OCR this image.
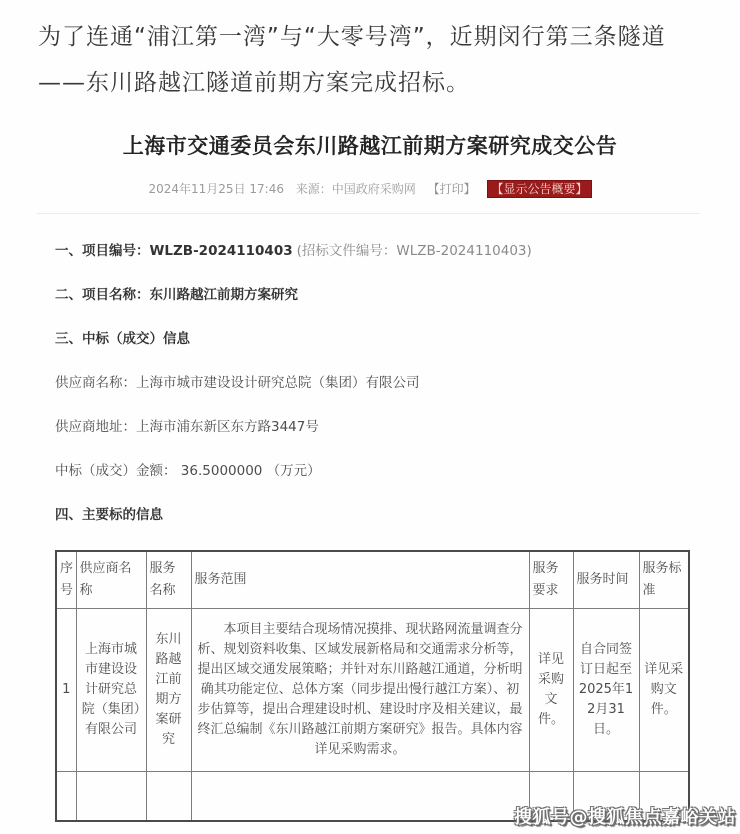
为了连通“浦江第一湾”与“大零号湾”，近期闵行第三条隧道——东川路越江隧道前期方案完成招标。

上海市交通委员会东川路越江前期方案研究成交公告
2024年11月25日 17:46 来源：中国政府采购网 【打印】 【显示公告概要】
一、项目编号：WLZB-2024110403 (招标文件编号：WLZB-2024110403)
二、项目名称：东川路越江前期方案研究
三、中标（成交）信息
供应商名称：上海市城市建设设计研究总院（集团）有限公司
供应商地址：上海市浦东新区东方路3447号
中标（成交）金额： 36.5000000 （万元）
四、主要标的信息
序号	供应商名称	服务名称	服务范围	服务要求	服务时间	服务标准
1	上海市城市建设设计研究总院（集团）有限公司	东川路越江前期方案研究	本项目主要结合现场情况摸排、现状路网流量调查分析、规划资料收集、区域发展新格局和交通需求分析等，提出区域交通发展策略；并针对东川路越江通道，分析明确其功能定位、总体方案（同步提出慢行越江方案）、初步估算等，提出合理建设时机、建设时序及相关建议，最终汇总编制《东川路越江前期方案研究》报告。具体内容详见采购需求。	详见采购文件。	自合同签订日起至2025年12月31日。	详见采购文件。

搜狐号@搜狐焦点嘉峪关站
